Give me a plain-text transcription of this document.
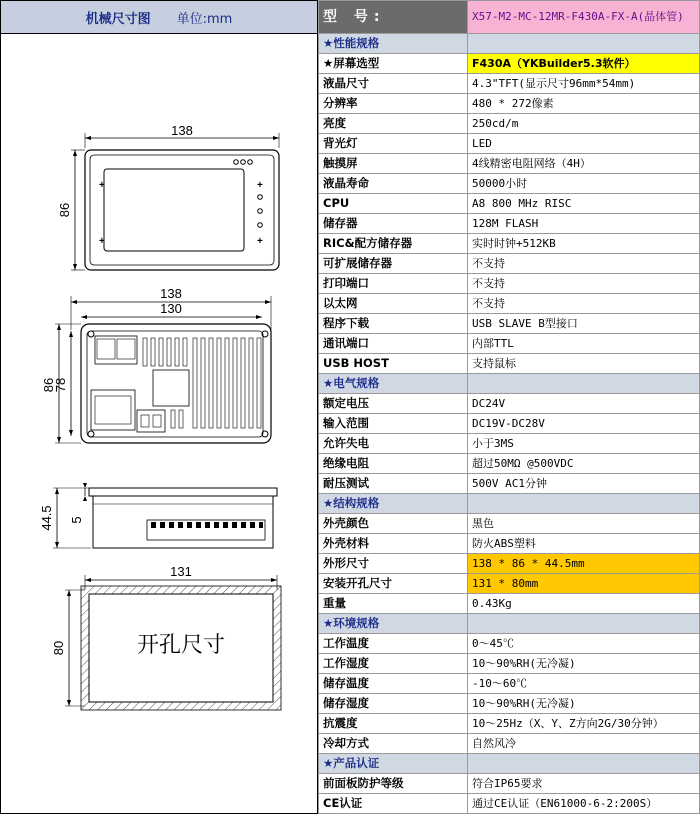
机械尺寸图 单位:mm
138
86
+
+
+
+
138
130
86
78
44.5 5
131
80	开孔尺寸
型 号:	X57-M2-MC-12MR-F430A-FX-A(晶体管)
★性能规格	
★屏幕选型	F430A（YKBuilder5.3软件）
液晶尺寸	4.3"TFT(显示尺寸96mm*54mm)
分辨率	480 * 272像素
亮度	250cd/m
背光灯	LED
触摸屏	4线精密电阻网络（4H）
液晶寿命	50000小时
CPU	A8 800 MHz RISC
储存器	128M FLASH
RIC&配方储存器	实时时钟+512KB
可扩展储存器	不支持
打印端口	不支持
以太网	不支持
程序下载	USB SLAVE B型接口
通讯端口	内部TTL
USB HOST	支持鼠标
★电气规格	
额定电压	DC24V
输入范围	DC19V-DC28V
允许失电	小于3MS
绝缘电阻	超过50MΩ @500VDC
耐压测试	500V AC1分钟
★结构规格	
外壳颜色	黑色
外壳材料	防火ABS塑料
外形尺寸	138 * 86 * 44.5mm
安装开孔尺寸	131 * 80mm
重量	0.43Kg
★环境规格	
工作温度	0～45℃
工作湿度	10～90%RH(无冷凝)
储存温度	-10～60℃
储存湿度	10～90%RH(无冷凝)
抗震度	10～25Hz（X、Y、Z方向2G/30分钟）
冷却方式	自然风冷
★产品认证	
前面板防护等级	符合IP65要求
CE认证	通过CE认证（EN61000-6-2:200S）
